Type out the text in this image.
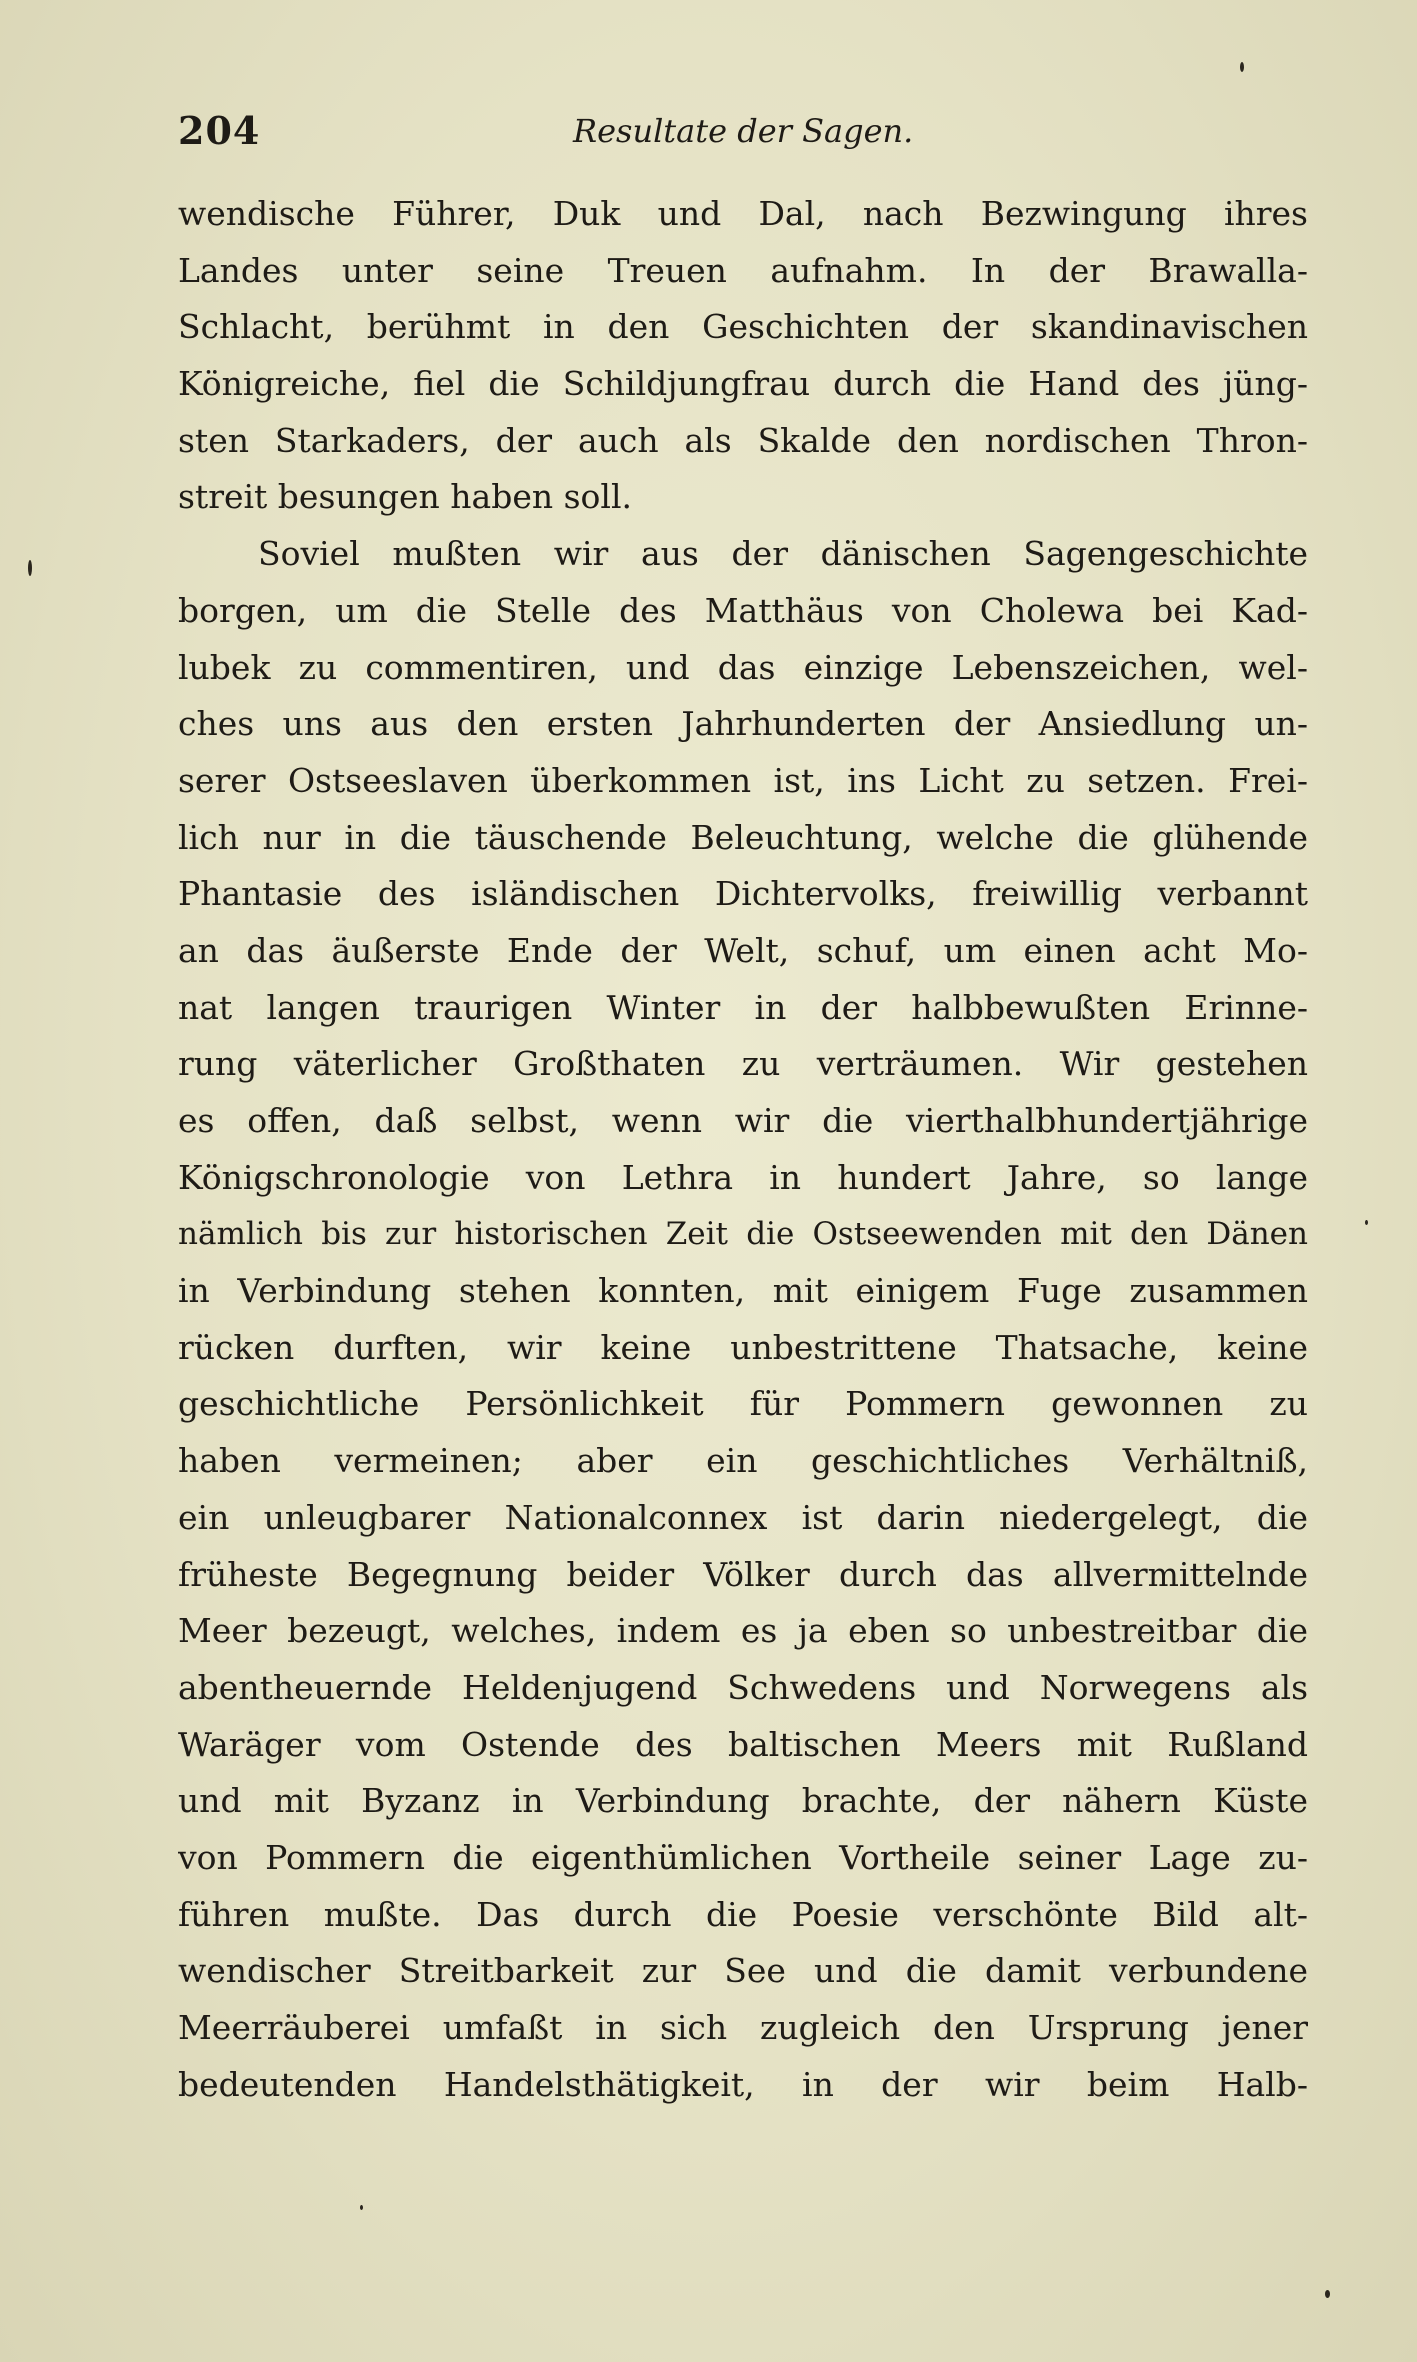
204	Resultate der Sagen.
wendische Führer, Duk und Dal, nach Bezwingung ihres
Landes unter seine Treuen aufnahm. In der Brawalla-
Schlacht, berühmt in den Geschichten der skandinavischen
Königreiche, fiel die Schildjungfrau durch die Hand des jüng-
sten Starkaders, der auch als Skalde den nordischen Thron-
streit besungen haben soll.
Soviel mußten wir aus der dänischen Sagengeschichte
borgen, um die Stelle des Matthäus von Cholewa bei Kad-
lubek zu commentiren, und das einzige Lebenszeichen, wel-
ches uns aus den ersten Jahrhunderten der Ansiedlung un-
serer Ostseeslaven überkommen ist, ins Licht zu setzen. Frei-
lich nur in die täuschende Beleuchtung, welche die glühende
Phantasie des isländischen Dichtervolks, freiwillig verbannt
an das äußerste Ende der Welt, schuf, um einen acht Mo-
nat langen traurigen Winter in der halbbewußten Erinne-
rung väterlicher Großthaten zu verträumen. Wir gestehen
es offen, daß selbst, wenn wir die vierthalbhundertjährige
Königschronologie von Lethra in hundert Jahre, so lange
nämlich bis zur historischen Zeit die Ostseewenden mit den Dänen
in Verbindung stehen konnten, mit einigem Fuge zusammen
rücken durften, wir keine unbestrittene Thatsache, keine
geschichtliche Persönlichkeit für Pommern gewonnen zu
haben vermeinen; aber ein geschichtliches Verhältniß,
ein unleugbarer Nationalconnex ist darin niedergelegt, die
früheste Begegnung beider Völker durch das allvermittelnde
Meer bezeugt, welches, indem es ja eben so unbestreitbar die
abentheuernde Heldenjugend Schwedens und Norwegens als
Waräger vom Ostende des baltischen Meers mit Rußland
und mit Byzanz in Verbindung brachte, der nähern Küste
von Pommern die eigenthümlichen Vortheile seiner Lage zu-
führen mußte. Das durch die Poesie verschönte Bild alt-
wendischer Streitbarkeit zur See und die damit verbundene
Meerräuberei umfaßt in sich zugleich den Ursprung jener
bedeutenden Handelsthätigkeit, in der wir beim Halb-
